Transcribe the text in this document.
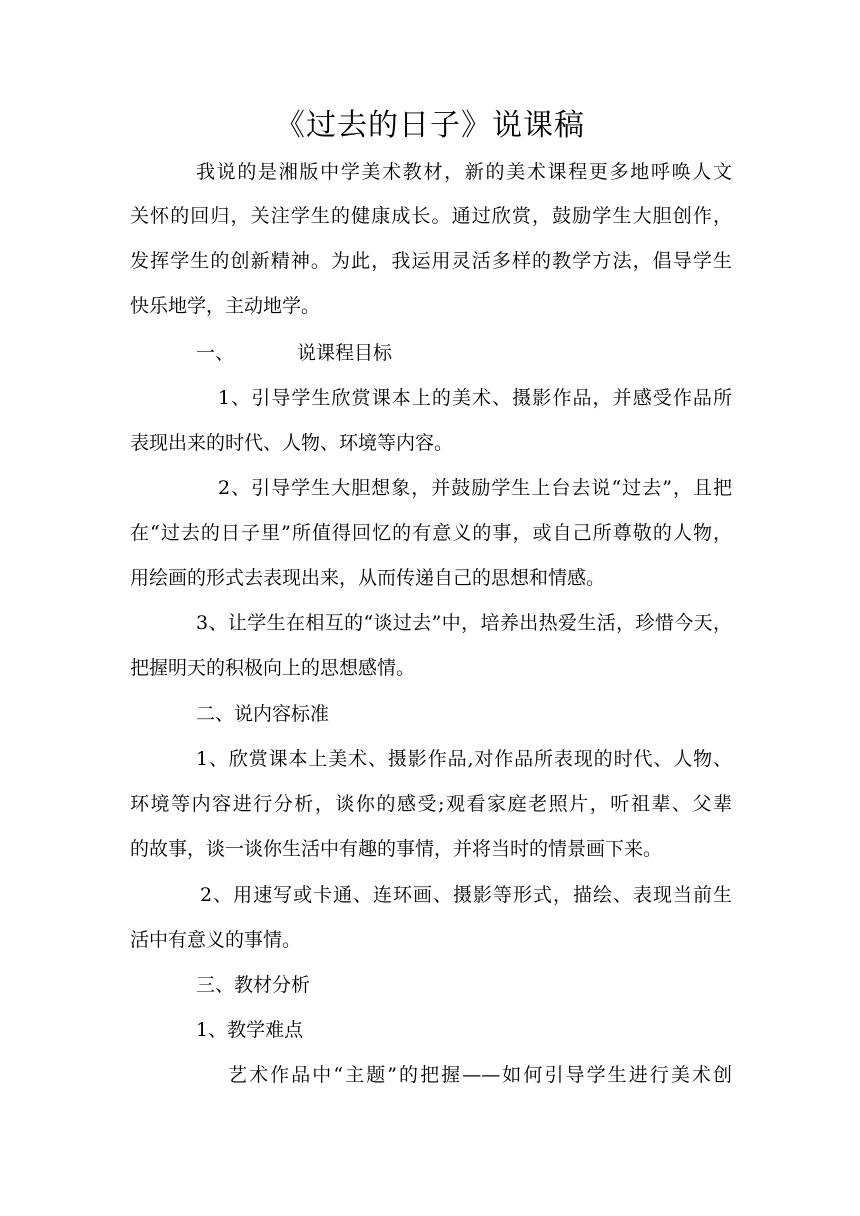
《过去的日子》说课稿
我说的是湘版中学美术教材，新的美术课程更多地呼唤人文
关怀的回归，关注学生的健康成长。通过欣赏，鼓励学生大胆创作，
发挥学生的创新精神。为此，我运用灵活多样的教学方法，倡导学生
快乐地学，主动地学。
一、	说课程目标
1、引导学生欣赏课本上的美术、摄影作品，并感受作品所
表现出来的时代、人物、环境等内容。
2、引导学生大胆想象，并鼓励学生上台去说“过去”，且把
在“过去的日子里”所值得回忆的有意义的事，或自己所尊敬的人物，
用绘画的形式去表现出来，从而传递自己的思想和情感。
3、让学生在相互的“谈过去”中，培养出热爱生活，珍惜今天，
把握明天的积极向上的思想感情。
二、说内容标准
1、欣赏课本上美术、摄影作品,对作品所表现的时代、人物、
环境等内容进行分析，谈你的感受;观看家庭老照片，听祖辈、父辈
的故事，谈一谈你生活中有趣的事情，并将当时的情景画下来。
2、用速写或卡通、连环画、摄影等形式，描绘、表现当前生
活中有意义的事情。
三、教材分析
1、教学难点
艺术作品中“主题”的把握——如何引导学生进行美术创
